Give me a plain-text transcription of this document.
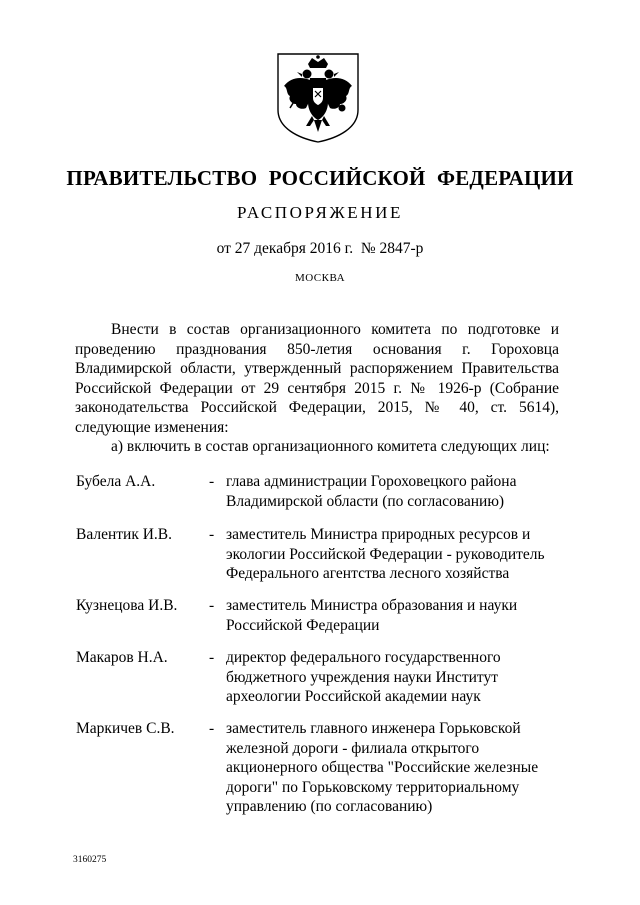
ПРАВИТЕЛЬСТВО РОССИЙСКОЙ ФЕДЕРАЦИИ
РАСПОРЯЖЕНИЕ
от 27 декабря 2016 г.  № 2847-р
МОСКВА
Внести в состав организационного комитета по подготовке и проведению празднования 850-летия основания г. Гороховца Владимирской области, утвержденный распоряжением Правительства Российской Федерации от 29 сентября 2015 г. № 1926-р (Собрание законодательства Российской Федерации, 2015, № 40, ст. 5614), следующие изменения:
а) включить в состав организационного комитета следующих лиц:
Бубела А.А.	- глава администрации Гороховецкого района Владимирской области (по согласованию)
Валентик И.В. - заместитель Министра природных ресурсов и экологии Российской Федерации - руководитель Федерального агентства лесного хозяйства
Кузнецова И.В. - заместитель Министра образования и науки Российской Федерации
Макаров Н.А.	- директор федерального государственного бюджетного учреждения науки Институт археологии Российской академии наук
Маркичев С.В. - заместитель главного инженера Горьковской железной дороги - филиала открытого акционерного общества "Российские железные дороги" по Горьковскому территориальному управлению (по согласованию)
3160275
